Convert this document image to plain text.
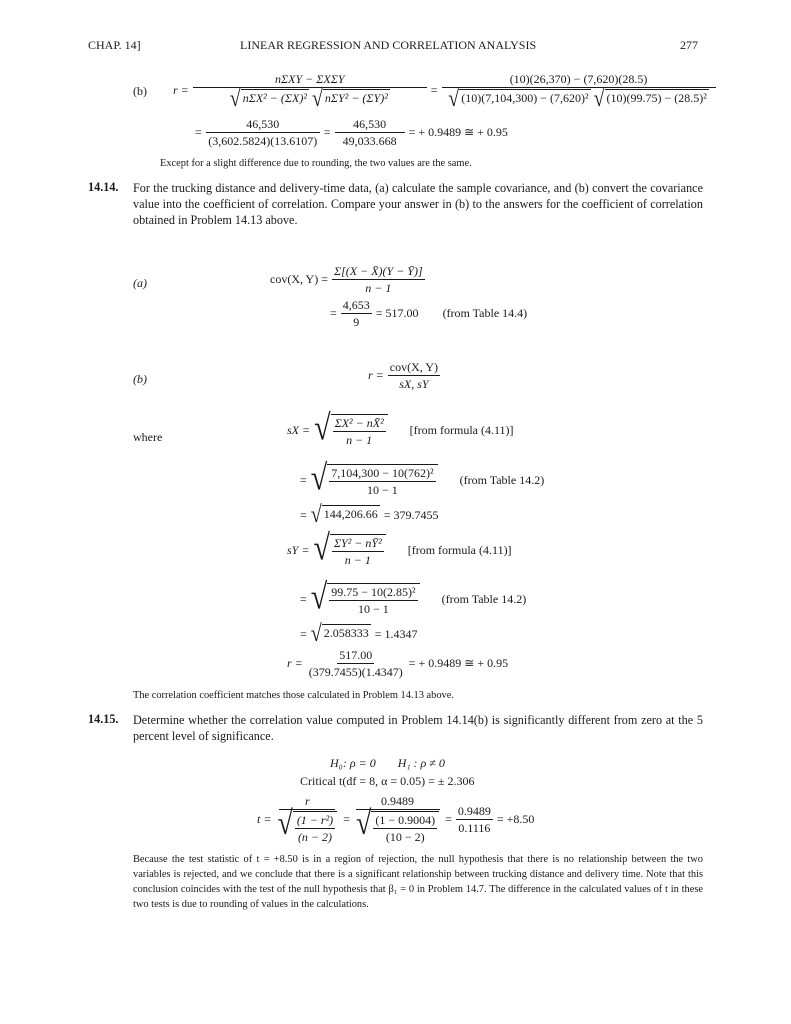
CHAP. 14]	LINEAR REGRESSION AND CORRELATION ANALYSIS	277
(b) r = nΣXY − ΣXΣY
√ nΣX² − (ΣX)²
√ nΣY² − (ΣY)² = (10)(26,370) − (7,620)(28.5)
√ (10)(7,104,300) − (7,620)²
√ (10)(99.75) − (28.5)²
= $\frac{46,530}{(3,602.5824)(13.6107)} = \frac{46,530}{49,033.668}$ = + 0.9489 ≅ + 0.95
Except for a slight difference due to rounding, the two values are the same.
14.14. For the trucking distance and delivery-time data, (a) calculate the sample covariance, and (b) convert the covariance value into the coefficient of correlation. Compare your answer in (b) to the answers for the coefficient of correlation obtained in Problem 14.13 above.
(a)	cov(X, $Y) = \frac{\Sigma[(X - X̄)(Y - Ȳ)]}{n - 1}$
= $\frac{4,653}{9} = 517.00$ (from Table 14.4)
(b)	$r = \frac{\text{cov(X, Y)}}{sX, sY}$
where	sX = √ $\frac{\text{ΣX² − nX̄²}}{n - 1}$ [from formula (4.11)]
= √ $\frac{\text{7,104,300 − 10(762)²}}{10 - 1}$ (from Table 14.2)
= √ 144,206.66 = 379.7455
sY = √ $\frac{\text{ΣY² − nȲ²}}{n - 1}$ [from formula (4.11)]
= √ $\frac{\text{99.75 − 10(2.85)²}}{10 - 1}$ (from Table 14.2)
= √ 2.058333 = 1.4347
$r = \frac{517.00}{(379.7455)(1.4347)}$ = + 0.9489 ≅ + 0.95
The correlation coefficient matches those calculated in Problem 14.13 above.
14.15. Determine whether the correlation value computed in Problem 14.14(b) is significantly different from zero at the 5 percent level of significance.
H₀: ρ = 0 H₁ : ρ ≠ 0
Critical t(df = 8, α = 0.05) = ± 2.306
$t = \frac{r}{√ \frac{\text{(1 − r²)}}{(n - 2)}} = \frac{0.9489}{√ \frac{(1 - 0.9004)}{(10 - 2)}} = \frac{0.9489}{0.1116} = +8.50$
Because the test statistic of t = +8.50 is in a region of rejection, the null hypothesis that there is no relationship between the two variables is rejected, and we conclude that there is a significant relationship between trucking distance and delivery time. Note that this conclusion coincides with the test of the null hypothesis that β₁ = 0 in Problem 14.7. The difference in the calculated values of t in these two tests is due to rounding of values in the calculations.
